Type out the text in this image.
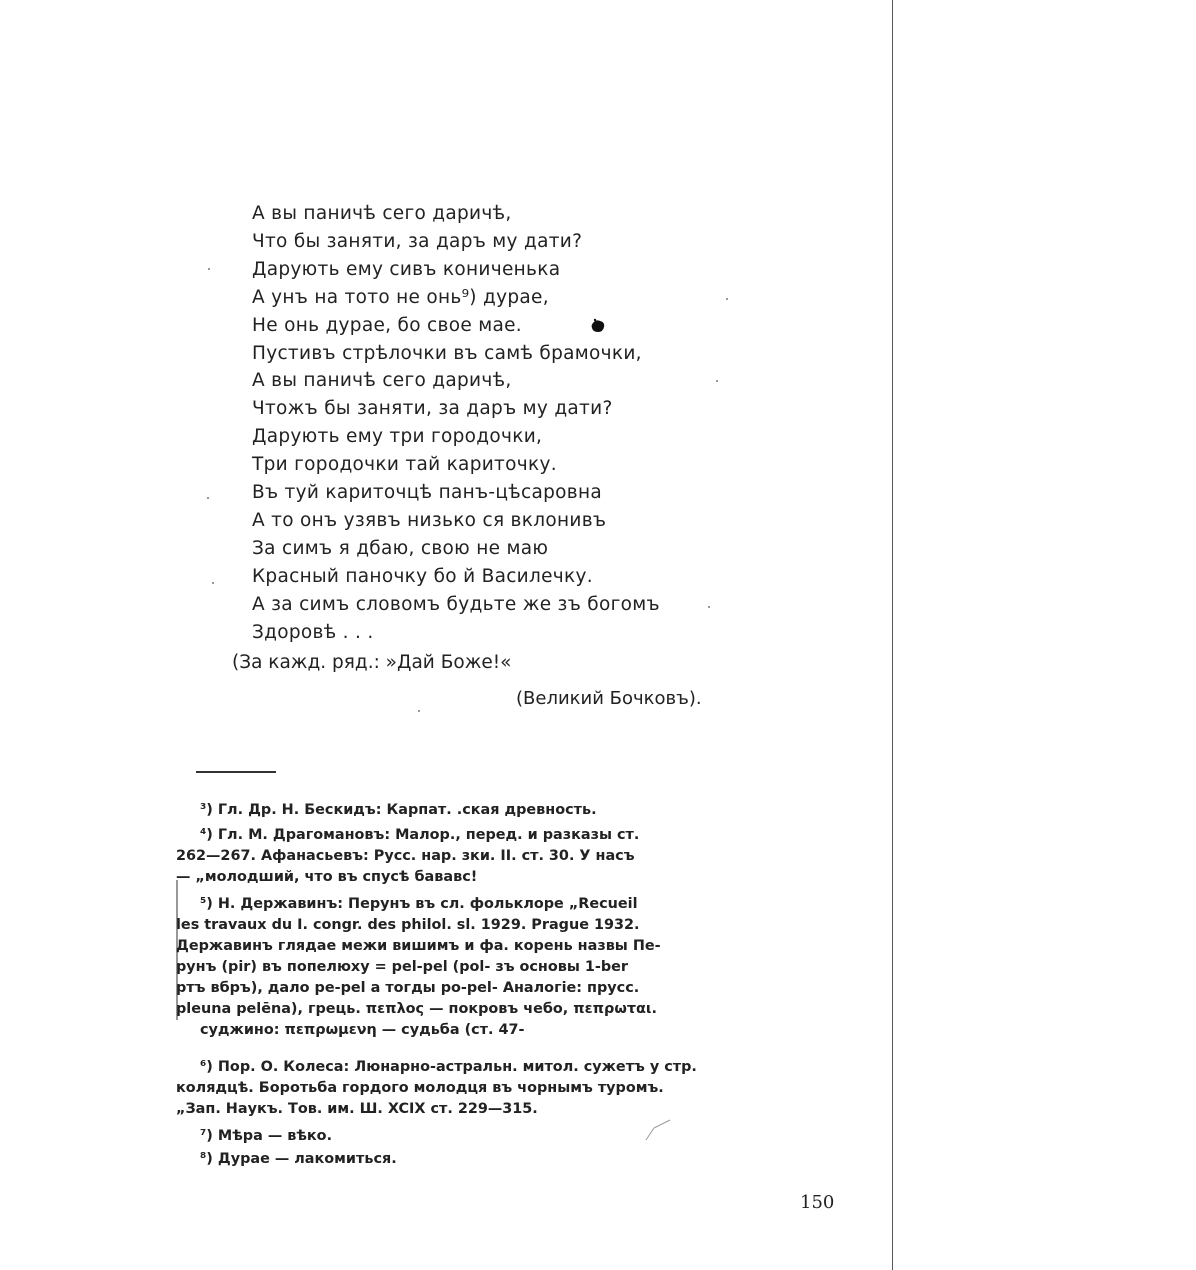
А вы паничѣ сего даричѣ,
Что бы заняти, за даръ му дати?
Дарують ему сивъ кониченька
А унъ на тото не онь⁹) дурае,
Не онь дурае, бо свое мае.
Пустивъ стрѣлочки въ самѣ брамочки,
А вы паничѣ сего даричѣ,
Чтожъ бы заняти, за даръ му дати?
Дарують ему три городочки,
Три городочки тай кариточку.
Въ туй кариточцѣ панъ-цѣсаровна
А то онъ узявъ низько ся вклонивъ
За симъ я дбаю, свою не маю
Красный паночку бо й Василечку.
А за симъ словомъ будьте же зъ богомъ
Здоровѣ . . .
(За кажд. ряд.: »Дай Боже!«
(Великий Бочковъ).
³) Гл. Др. Н. Бескидъ: Карпат. .ская древность.
⁴) Гл. М. Драгомановъ: Малор., перед. и разказы ст.
262—267. Афанасьевъ: Русс. нар. зки. II. ст. 30. У насъ
— „молодший, что въ спусѣ бававс!
⁵) Н. Державинъ: Перунъ въ сл. фольклоре „Recueil
les travaux du I. congr. des philol. sl. 1929. Prague 1932.
Державинъ глядае межи вишимъ и фа. корень назвы Пе-
рунъ (pir) въ попелюху = pel-pel (pol- зъ основы 1-ber
ртъ вбръ), дало pe-pel а тогды po-pel- Аналогіе: прусс.
pleuna pelēna), грець. πεπλος — покровъ чебо, πεπρωται.
суджино: πεπρωμενη — судьба (ст. 47-
⁶) Пор. О. Колеса: Люнарно-астральн. митол. сужетъ у стр.
колядцѣ. Боротьба гордого молодця въ чорнымъ туромъ.
„Зап. Наукъ. Тов. им. Ш. XCIX ст. 229—315.
⁷) Мѣра — вѣко.
⁸) Дурае — лакомиться.
150
